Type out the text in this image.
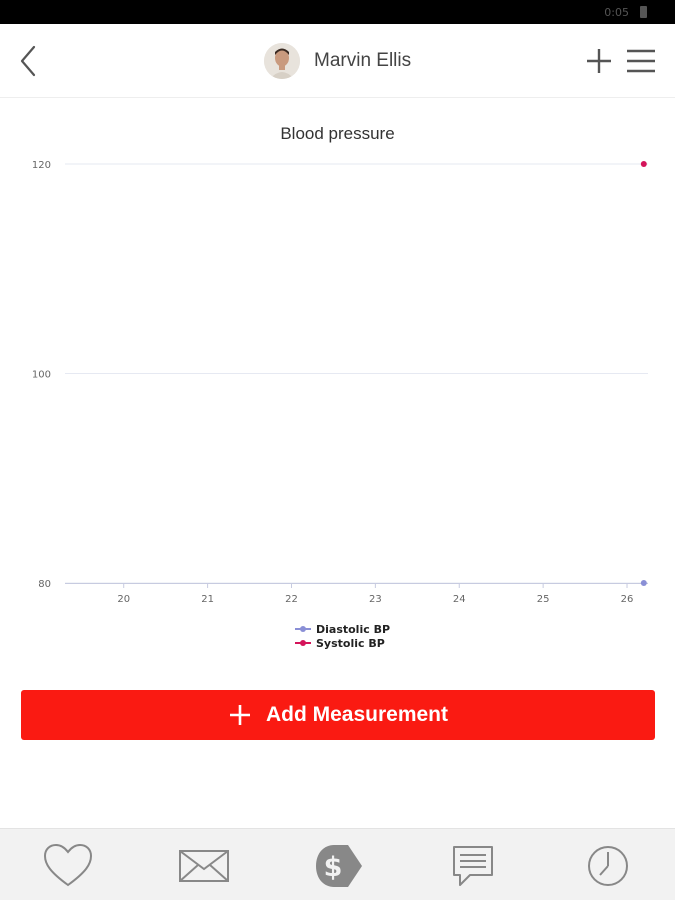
0:05
Marvin Ellis
Blood pressure
80
100
120
20	21	22	23	24	25	26
Diastolic BP
Systolic BP
Add Measurement
$
